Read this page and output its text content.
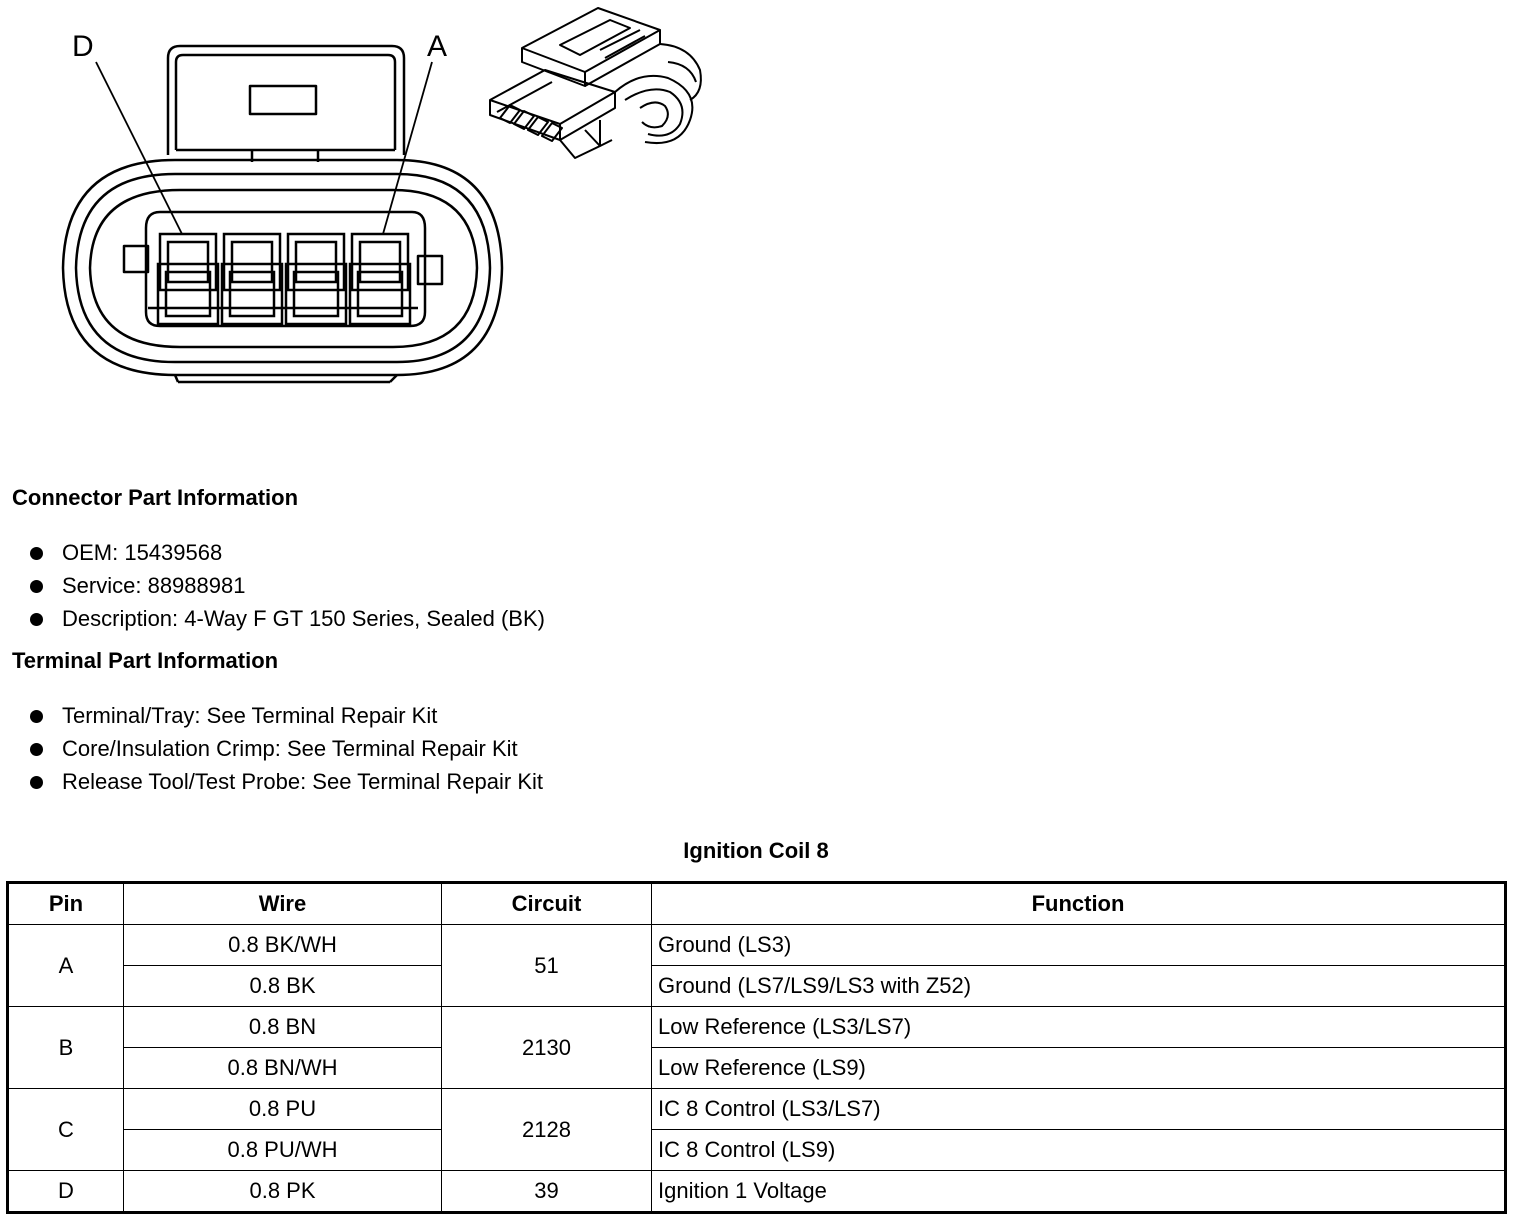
D	A
Connector Part Information
OEM: 15439568
Service: 88988981
Description: 4-Way F GT 150 Series, Sealed (BK)
Terminal Part Information
Terminal/Tray: See Terminal Repair Kit
Core/Insulation Crimp: See Terminal Repair Kit
Release Tool/Test Probe: See Terminal Repair Kit
Ignition Coil 8
Pin	Wire	Circuit	Function
A	0.8 BK/WH	51	Ground (LS3)
	0.8 BK		Ground (LS7/LS9/LS3 with Z52)
B	0.8 BN	2130	Low Reference (LS3/LS7)
	0.8 BN/WH		Low Reference (LS9)
C	0.8 PU	2128	IC 8 Control (LS3/LS7)
	0.8 PU/WH		IC 8 Control (LS9)
D	0.8 PK	39	Ignition 1 Voltage
